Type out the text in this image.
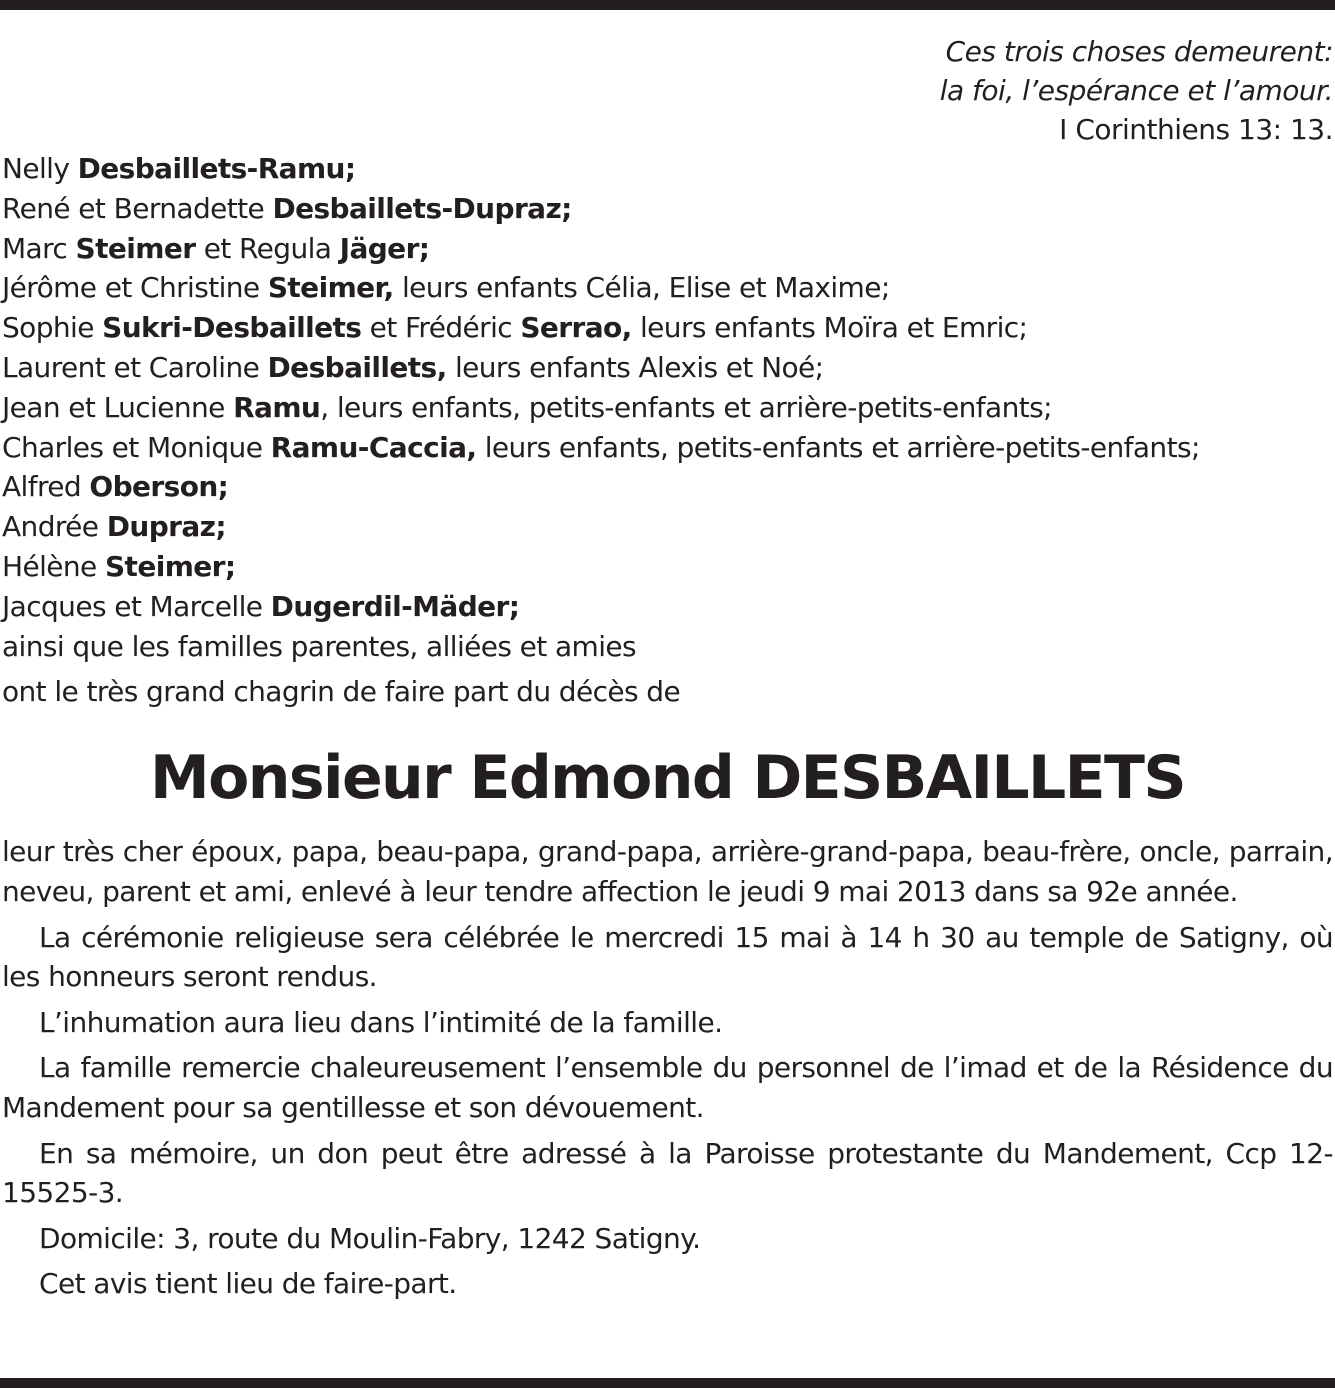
Ces trois choses demeurent:
la foi, l’espérance et l’amour.
I Corinthiens 13: 13.
Nelly Desbaillets-Ramu;
René et Bernadette Desbaillets-Dupraz;
Marc Steimer et Regula Jäger;
Jérôme et Christine Steimer, leurs enfants Célia, Elise et Maxime;
Sophie Sukri-Desbaillets et Frédéric Serrao, leurs enfants Moïra et Emric;
Laurent et Caroline Desbaillets, leurs enfants Alexis et Noé;
Jean et Lucienne Ramu, leurs enfants, petits-enfants et arrière-petits-enfants;
Charles et Monique Ramu-Caccia, leurs enfants, petits-enfants et arrière-petits-enfants;
Alfred Oberson;
Andrée Dupraz;
Hélène Steimer;
Jacques et Marcelle Dugerdil-Mäder;
ainsi que les familles parentes, alliées et amies
ont le très grand chagrin de faire part du décès de
Monsieur Edmond DESBAILLETS

leur très cher époux, papa, beau-papa, grand-papa, arrière-grand-papa, beau-frère, oncle, parrain, neveu, parent et ami, enlevé à leur tendre affection le jeudi 9 mai 2013 dans sa 92e année.

La cérémonie religieuse sera célébrée le mercredi 15 mai à 14 h 30 au temple de Satigny, où les honneurs seront rendus.

L’inhumation aura lieu dans l’intimité de la famille.

La famille remercie chaleureusement l’ensemble du personnel de l’imad et de la Résidence du Mandement pour sa gentillesse et son dévouement.

En sa mémoire, un don peut être adressé à la Paroisse protestante du Mandement, Ccp 12-15525-3.

Domicile: 3, route du Moulin-Fabry, 1242 Satigny.

Cet avis tient lieu de faire-part.
